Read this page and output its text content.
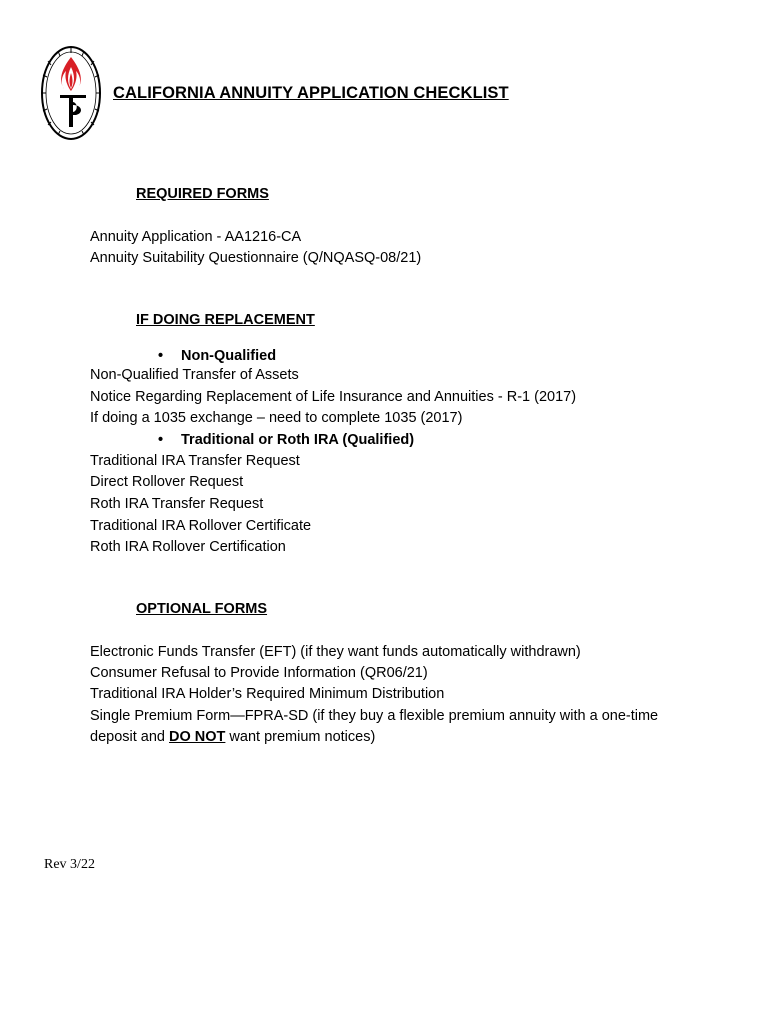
CALIFORNIA ANNUITY APPLICATION CHECKLIST
REQUIRED FORMS
Annuity Application - AA1216-CA
Annuity Suitability Questionnaire (Q/NQASQ-08/21)
IF DOING REPLACEMENT
• Non-Qualified
Non-Qualified Transfer of Assets
Notice Regarding Replacement of Life Insurance and Annuities - R-1 (2017)
If doing a 1035 exchange – need to complete 1035 (2017)
• Traditional or Roth IRA (Qualified)
Traditional IRA Transfer Request
Direct Rollover Request
Roth IRA Transfer Request
Traditional IRA Rollover Certificate
Roth IRA Rollover Certification
OPTIONAL FORMS
Electronic Funds Transfer (EFT) (if they want funds automatically withdrawn)
Consumer Refusal to Provide Information (QR06/21)
Traditional IRA Holder’s Required Minimum Distribution
Single Premium Form—FPRA-SD (if they buy a flexible premium annuity with a one-time
deposit and DO NOT want premium notices)
Rev 3/22
